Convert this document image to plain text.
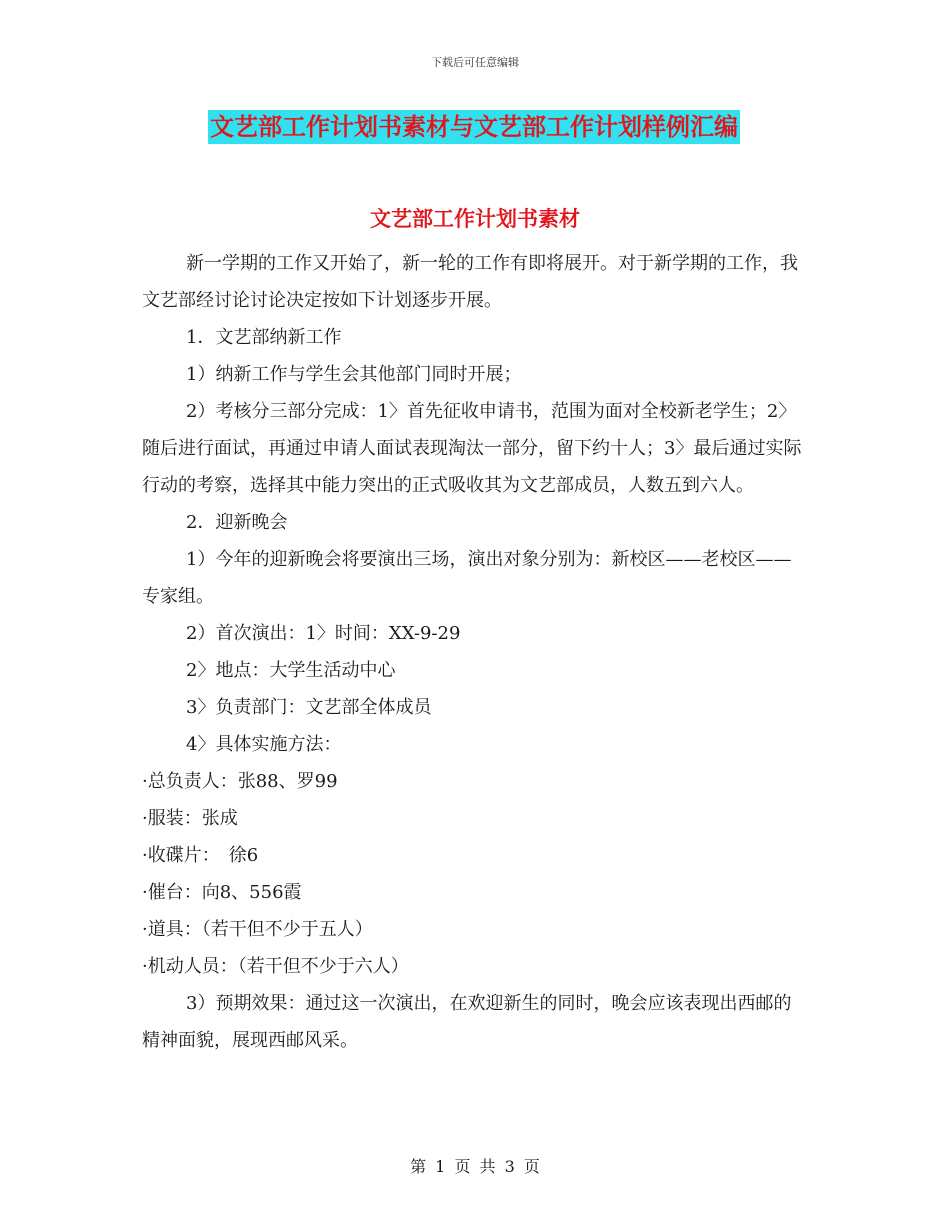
下载后可任意编辑
文艺部工作计划书素材与文艺部工作计划样例汇编
文艺部工作计划书素材

新一学期的工作又开始了，新一轮的工作有即将展开。对于新学期的工作，我文艺部经讨论讨论决定按如下计划逐步开展。

1．文艺部纳新工作

1）纳新工作与学生会其他部门同时开展；

2）考核分三部分完成：1〉首先征收申请书，范围为面对全校新老学生；2〉随后进行面试，再通过申请人面试表现淘汰一部分，留下约十人；3〉最后通过实际行动的考察，选择其中能力突出的正式吸收其为文艺部成员，人数五到六人。

2．迎新晚会

1）今年的迎新晚会将要演出三场，演出对象分别为：新校区——老校区——专家组。

2）首次演出：1〉时间：XX-9-29

2〉地点：大学生活动中心

3〉负责部门：文艺部全体成员

4〉具体实施方法：

·总负责人：张88、罗99

·服装：张成

·收碟片：　徐6

·催台：向8、556霞

·道具：（若干但不少于五人）

·机动人员：（若干但不少于六人）

3）预期效果：通过这一次演出，在欢迎新生的同时，晚会应该表现出西邮的精神面貌，展现西邮风采。

第 1 页 共 3 页
